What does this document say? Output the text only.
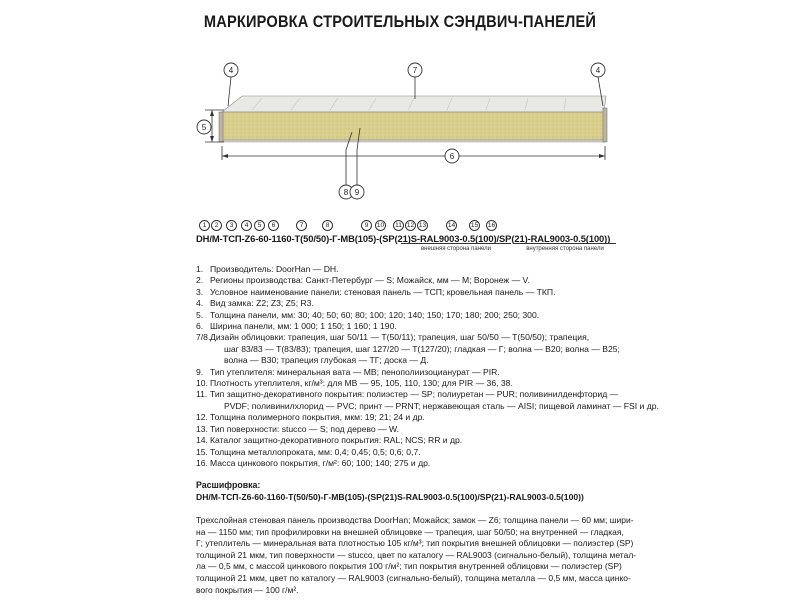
МАРКИРОВКА СТРОИТЕЛЬНЫХ СЭНДВИЧ-ПАНЕЛЕЙ
4	7	4
5
6
8 9
1	2	3	4	5	6	7	8	9	10	11 12 13	14 15 16
DH/M-ТСП-Z6-60-1160-T(50/50)-Г-МВ(105)-(SP(21)S-RAL9003-0.5(100)/SP(21)-RAL9003-0.5(100))
внешняя сторона панели	внутренняя сторона панели
1. Производитель: DoorHan — DH.
2. Регионы производства: Санкт-Петербург — S; Можайск, мм — M; Воронеж — V.
3. Условное наименование панели: стеновая панель — ТСП; кровельная панель — ТКП.
4. Вид замка: Z2; Z3; Z5; R3.
5. Толщина панели, мм: 30; 40; 50; 60; 80; 100; 120; 140; 150; 170; 180; 200; 250; 300.
6. Ширина панели, мм: 1 000; 1 150; 1 160; 1 190.
7/8. Дизайн облицовки: трапеция, шаг 50/11 — T(50/11); трапеция, шаг 50/50 — T(50/50); трапеция,
шаг 83/83 — T(83/83); трапеция, шаг 127/20 — T(127/20); гладкая — Г; волна — B20; волна — B25;
волна — B30; трапеция глубокая — TГ; доска — Д.
9. Тип утеплителя: минеральная вата — МВ; пенополиизоцианурат — PIR.
10. Плотность утеплителя, кг/м³: для МВ — 95, 105, 110, 130; для PIR — 36, 38.
11. Тип защитно-декоративного покрытия: полиэстер — SP; полиуретан — PUR; поливинилденфторид —
PVDF; поливинилхлорид — PVC; принт — PRNT; нержавеющая сталь — AISI; пищевой ламинат — FSI и др.
12. Толщина полимерного покрытия, мкм: 19; 21; 24 и др.
13. Тип поверхности: stucco — S; под дерево — W.
14. Каталог защитно-декоративного покрытия: RAL; NCS; RR и др.
15. Толщина металлопроката, мм: 0,4; 0,45; 0,5; 0,6; 0,7.
16. Масса цинкового покрытия, г/м²: 60; 100; 140; 275 и др.
Расшифровка:
DH/M-ТСП-Z6-60-1160-T(50/50)-Г-МВ(105)-(SP(21)S-RAL9003-0.5(100)/SP(21)-RAL9003-0.5(100))
Трехслойная стеновая панель производства DoorHan; Можайск; замок — Z6; толщина панели — 60 мм; шири-
на — 1150 мм; тип профилировки на внешней облицовке — трапеция, шаг 50/50; на внутренней — гладкая,
Г; утеплитель — минеральная вата плотностью 105 кг/м³; тип покрытия внешней облицовки — полиэстер (SP)
толщиной 21 мкм, тип поверхности — stucco, цвет по каталогу — RAL9003 (сигнально-белый), толщина метал-
ла — 0,5 мм, с массой цинкового покрытия 100 г/м²; тип покрытия внутренней облицовки — полиэстер (SP)
толщиной 21 мкм, цвет по каталогу — RAL9003 (сигнально-белый), толщина металла — 0,5 мм, масса цинко-
вого покрытия — 100 г/м².
